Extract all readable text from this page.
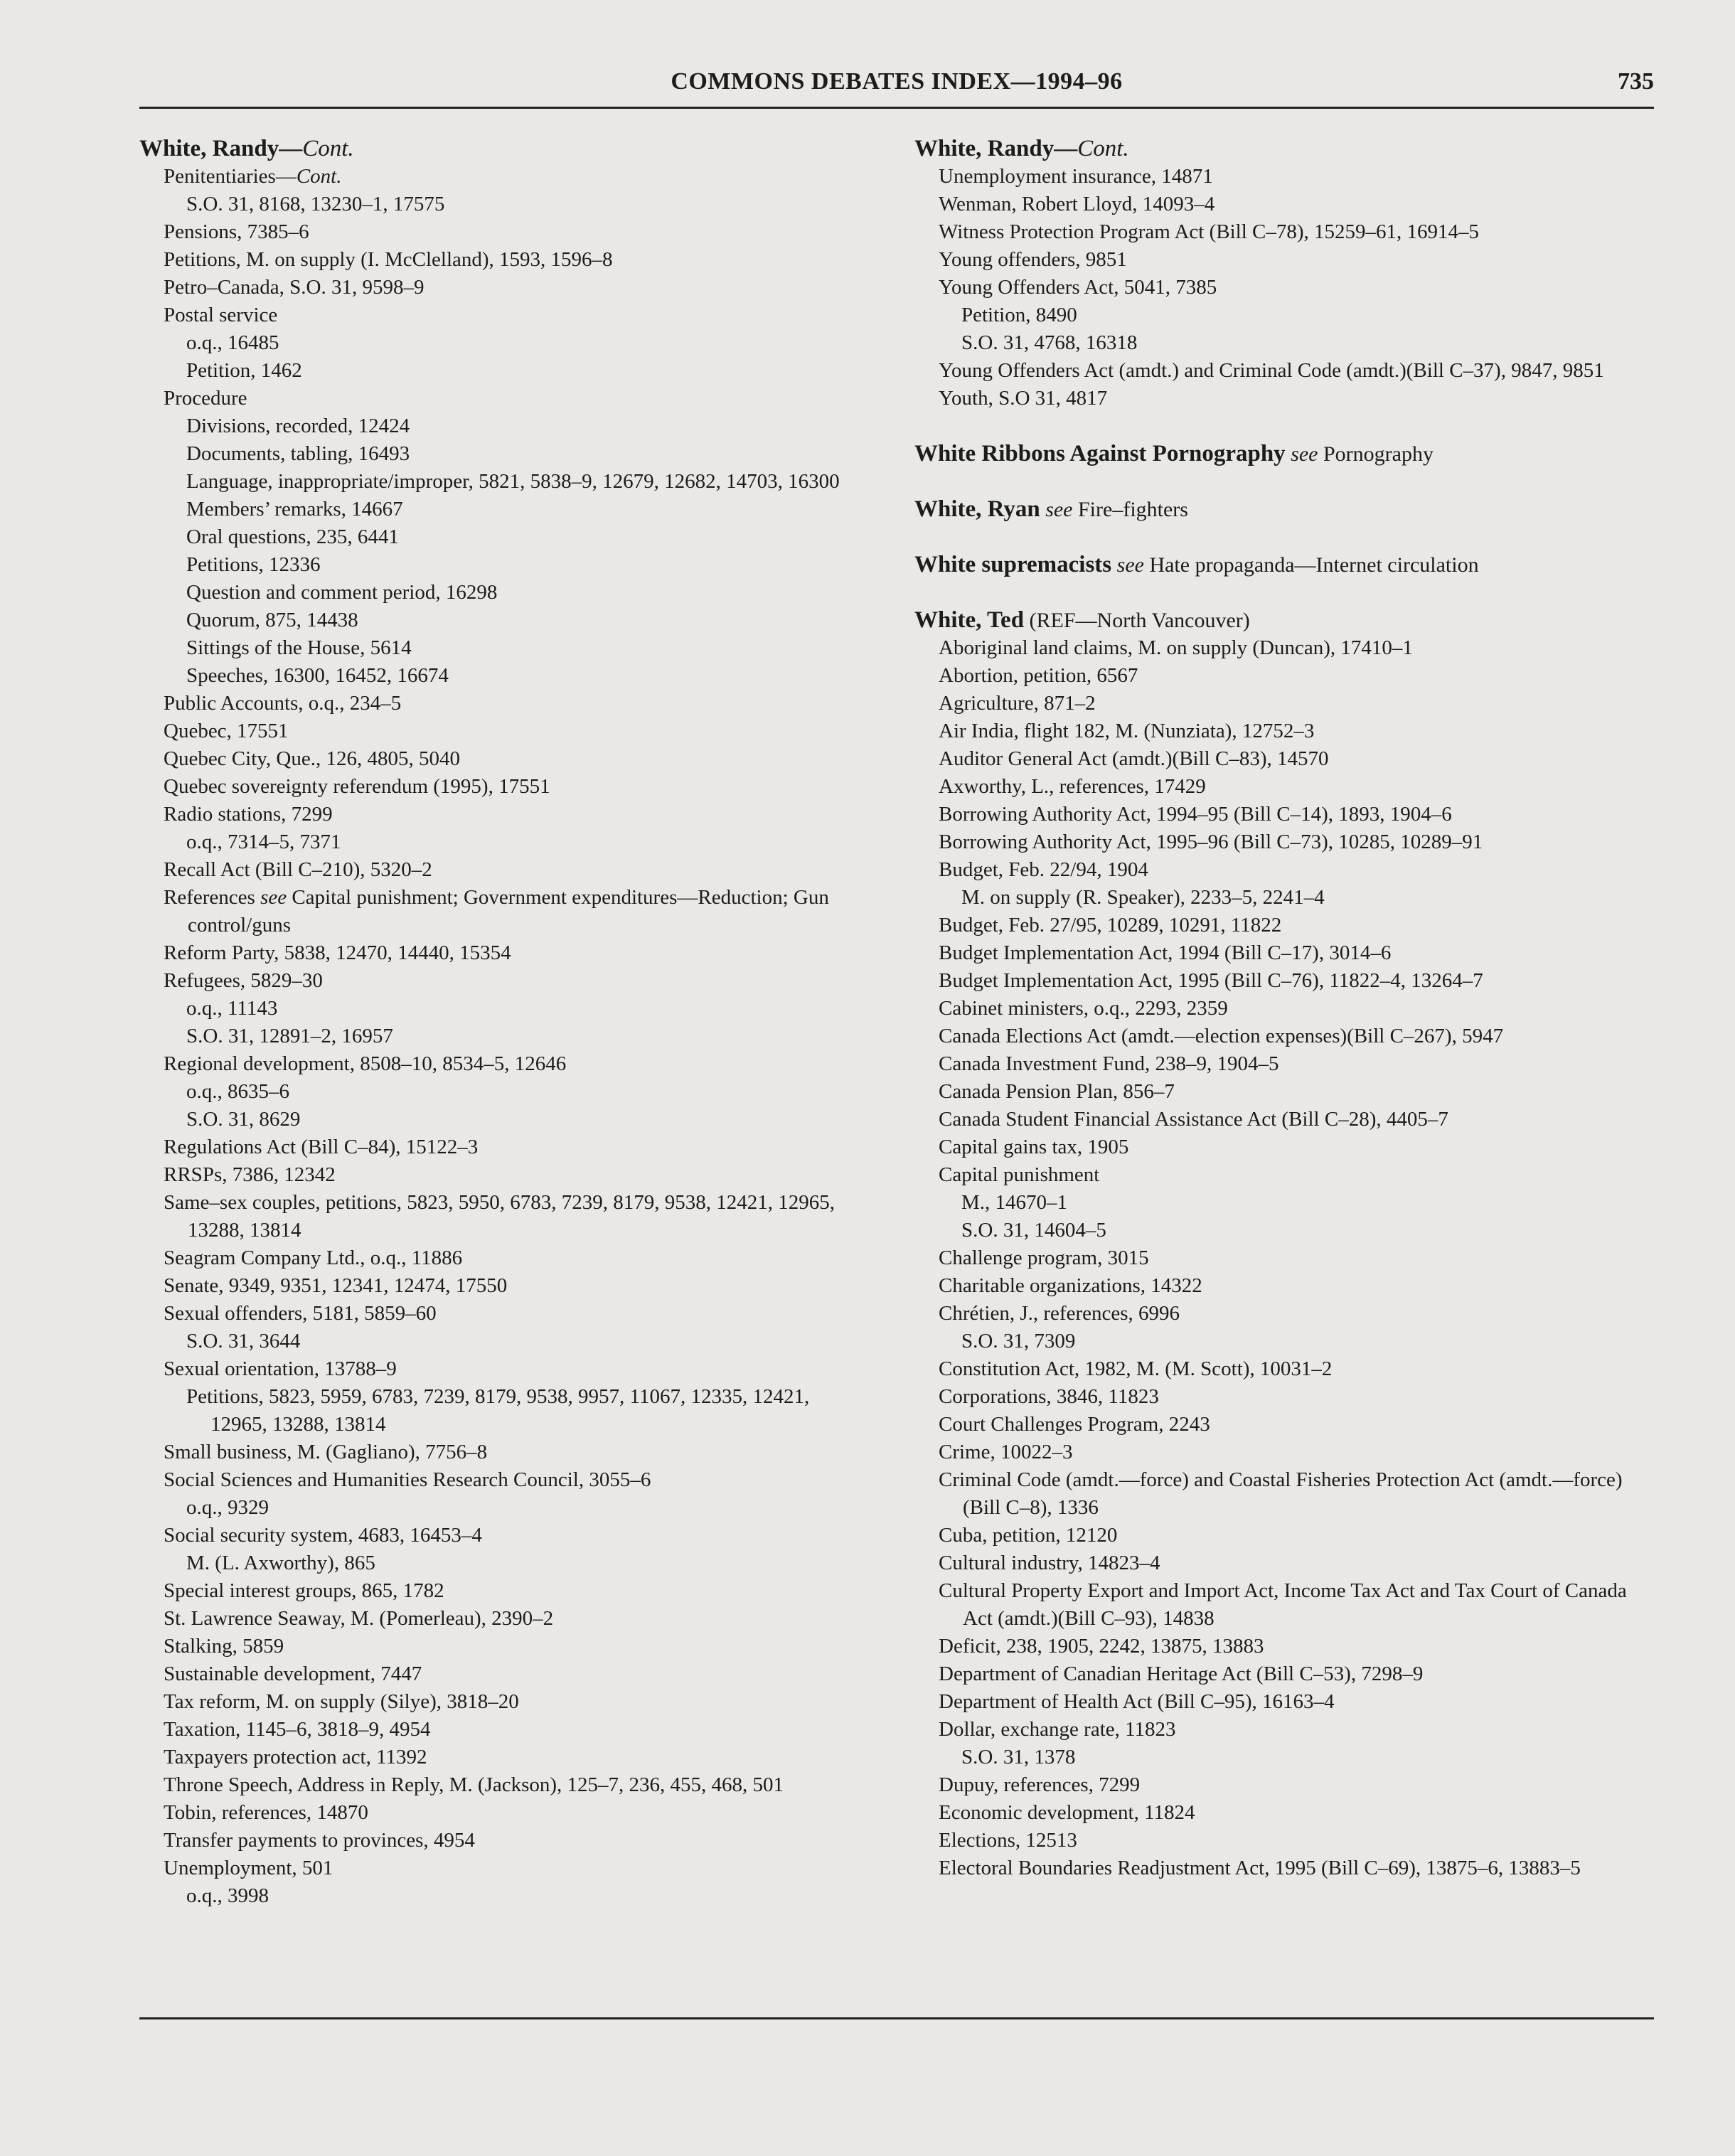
COMMONS DEBATES INDEX—1994–96	735
White, Randy—Cont.
Penitentiaries—Cont.
S.O. 31, 8168, 13230–1, 17575
Pensions, 7385–6
Petitions, M. on supply (I. McClelland), 1593, 1596–8
Petro–Canada, S.O. 31, 9598–9
Postal service
o.q., 16485
Petition, 1462
Procedure
Divisions, recorded, 12424
Documents, tabling, 16493
Language, inappropriate/improper, 5821, 5838–9, 12679, 12682, 14703, 16300
Members’ remarks, 14667
Oral questions, 235, 6441
Petitions, 12336
Question and comment period, 16298
Quorum, 875, 14438
Sittings of the House, 5614
Speeches, 16300, 16452, 16674
Public Accounts, o.q., 234–5
Quebec, 17551
Quebec City, Que., 126, 4805, 5040
Quebec sovereignty referendum (1995), 17551
Radio stations, 7299
o.q., 7314–5, 7371
Recall Act (Bill C–210), 5320–2
References see Capital punishment; Government expenditures—Reduction; Gun control/guns
Reform Party, 5838, 12470, 14440, 15354
Refugees, 5829–30
o.q., 11143
S.O. 31, 12891–2, 16957
Regional development, 8508–10, 8534–5, 12646
o.q., 8635–6
S.O. 31, 8629
Regulations Act (Bill C–84), 15122–3
RRSPs, 7386, 12342
Same–sex couples, petitions, 5823, 5950, 6783, 7239, 8179, 9538, 12421, 12965, 13288, 13814
Seagram Company Ltd., o.q., 11886
Senate, 9349, 9351, 12341, 12474, 17550
Sexual offenders, 5181, 5859–60
S.O. 31, 3644
Sexual orientation, 13788–9
Petitions, 5823, 5959, 6783, 7239, 8179, 9538, 9957, 11067, 12335, 12421, 12965, 13288, 13814
Small business, M. (Gagliano), 7756–8
Social Sciences and Humanities Research Council, 3055–6
o.q., 9329
Social security system, 4683, 16453–4
M. (L. Axworthy), 865
Special interest groups, 865, 1782
St. Lawrence Seaway, M. (Pomerleau), 2390–2
Stalking, 5859
Sustainable development, 7447
Tax reform, M. on supply (Silye), 3818–20
Taxation, 1145–6, 3818–9, 4954
Taxpayers protection act, 11392
Throne Speech, Address in Reply, M. (Jackson), 125–7, 236, 455, 468, 501
Tobin, references, 14870
Transfer payments to provinces, 4954
Unemployment, 501
o.q., 3998
White, Randy—Cont.
Unemployment insurance, 14871
Wenman, Robert Lloyd, 14093–4
Witness Protection Program Act (Bill C–78), 15259–61, 16914–5
Young offenders, 9851
Young Offenders Act, 5041, 7385
Petition, 8490
S.O. 31, 4768, 16318
Young Offenders Act (amdt.) and Criminal Code (amdt.)(Bill C–37), 9847, 9851
Youth, S.O 31, 4817
White Ribbons Against Pornography see Pornography
White, Ryan see Fire–fighters
White supremacists see Hate propaganda—Internet circulation
White, Ted (REF—North Vancouver)
Aboriginal land claims, M. on supply (Duncan), 17410–1
Abortion, petition, 6567
Agriculture, 871–2
Air India, flight 182, M. (Nunziata), 12752–3
Auditor General Act (amdt.)(Bill C–83), 14570
Axworthy, L., references, 17429
Borrowing Authority Act, 1994–95 (Bill C–14), 1893, 1904–6
Borrowing Authority Act, 1995–96 (Bill C–73), 10285, 10289–91
Budget, Feb. 22/94, 1904
M. on supply (R. Speaker), 2233–5, 2241–4
Budget, Feb. 27/95, 10289, 10291, 11822
Budget Implementation Act, 1994 (Bill C–17), 3014–6
Budget Implementation Act, 1995 (Bill C–76), 11822–4, 13264–7
Cabinet ministers, o.q., 2293, 2359
Canada Elections Act (amdt.—election expenses)(Bill C–267), 5947
Canada Investment Fund, 238–9, 1904–5
Canada Pension Plan, 856–7
Canada Student Financial Assistance Act (Bill C–28), 4405–7
Capital gains tax, 1905
Capital punishment
M., 14670–1
S.O. 31, 14604–5
Challenge program, 3015
Charitable organizations, 14322
Chrétien, J., references, 6996
S.O. 31, 7309
Constitution Act, 1982, M. (M. Scott), 10031–2
Corporations, 3846, 11823
Court Challenges Program, 2243
Crime, 10022–3
Criminal Code (amdt.—force) and Coastal Fisheries Protection Act (amdt.—force)(Bill C–8), 1336
Cuba, petition, 12120
Cultural industry, 14823–4
Cultural Property Export and Import Act, Income Tax Act and Tax Court of Canada Act (amdt.)(Bill C–93), 14838
Deficit, 238, 1905, 2242, 13875, 13883
Department of Canadian Heritage Act (Bill C–53), 7298–9
Department of Health Act (Bill C–95), 16163–4
Dollar, exchange rate, 11823
S.O. 31, 1378
Dupuy, references, 7299
Economic development, 11824
Elections, 12513
Electoral Boundaries Readjustment Act, 1995 (Bill C–69), 13875–6, 13883–5
